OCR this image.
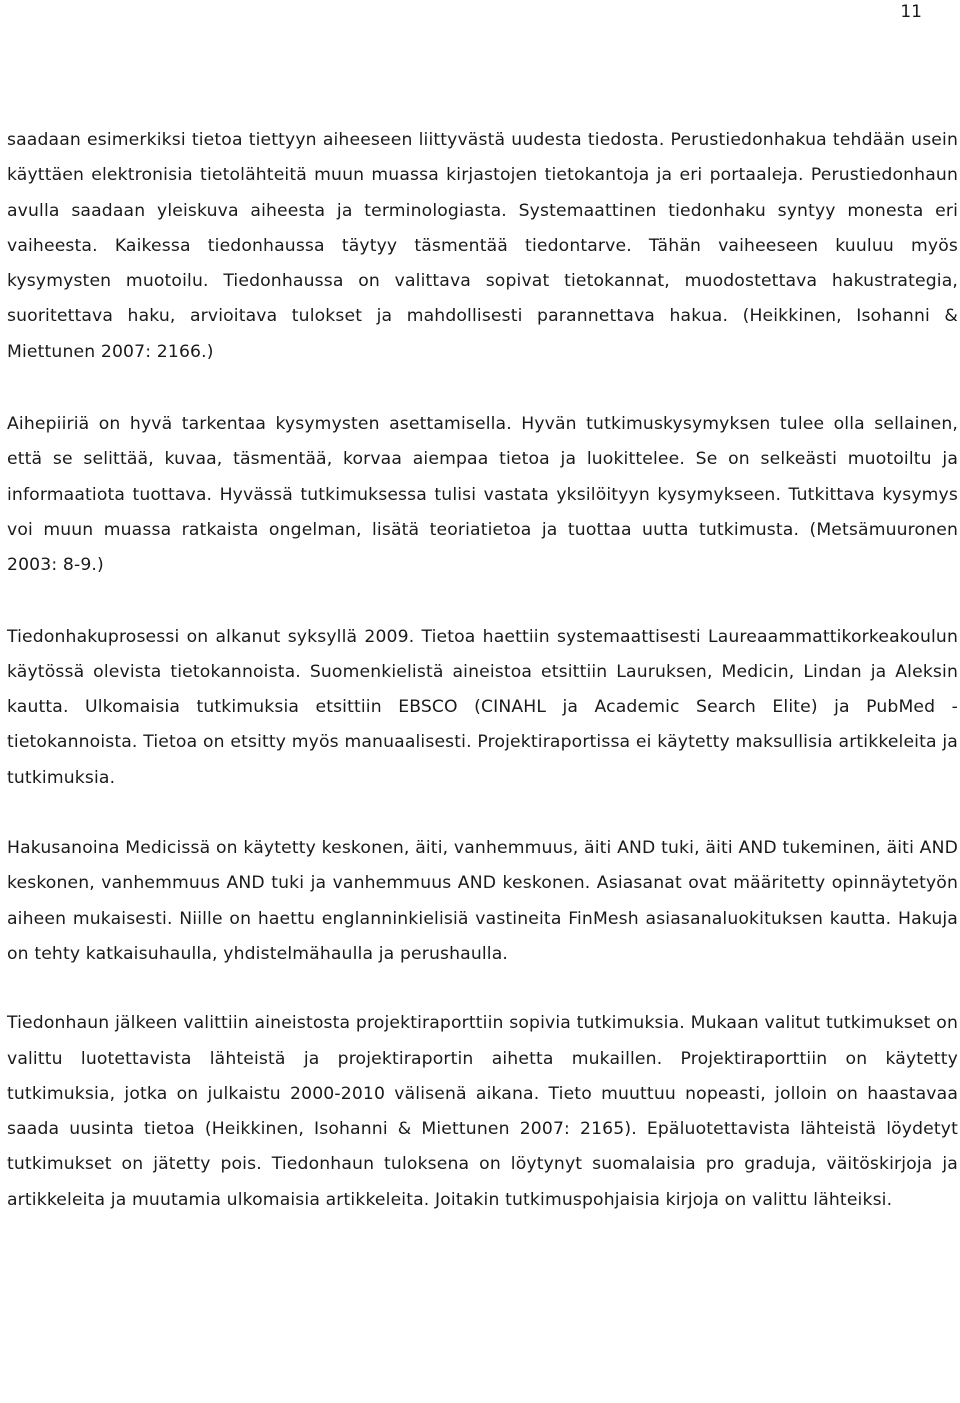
11

saadaan esimerkiksi tietoa tiettyyn aiheeseen liittyvästä uudesta tiedosta. Perustiedonhakua tehdään usein käyttäen elektronisia tietolähteitä muun muassa kirjastojen tietokantoja ja eri portaaleja. Perustiedonhaun avulla saadaan yleiskuva aiheesta ja terminologiasta. Systemaattinen tiedonhaku syntyy monesta eri vaiheesta. Kaikessa tiedonhaussa täytyy täsmentää tiedontarve. Tähän vaiheeseen kuuluu myös kysymysten muotoilu. Tiedonhaussa on valittava sopivat tietokannat, muodostettava hakustrategia, suoritettava haku, arvioitava tulokset ja mahdollisesti parannettava hakua. (Heikkinen, Isohanni & Miettunen 2007: 2166.)

Aihepiiriä on hyvä tarkentaa kysymysten asettamisella. Hyvän tutkimuskysymyksen tulee olla sellainen, että se selittää, kuvaa, täsmentää, korvaa aiempaa tietoa ja luokittelee. Se on selkeästi muotoiltu ja informaatiota tuottava. Hyvässä tutkimuksessa tulisi vastata yksilöityyn kysymykseen. Tutkittava kysymys voi muun muassa ratkaista ongelman, lisätä teoriatietoa ja tuottaa uutta tutkimusta. (Metsämuuronen 2003: 8-9.)

Tiedonhakuprosessi on alkanut syksyllä 2009. Tietoa haettiin systemaattisesti Laureaammattikorkeakoulun käytössä olevista tietokannoista. Suomenkielistä aineistoa etsittiin Lauruksen, Medicin, Lindan ja Aleksin kautta. Ulkomaisia tutkimuksia etsittiin EBSCO (CINAHL ja Academic Search Elite) ja PubMed -tietokannoista. Tietoa on etsitty myös manuaalisesti. Projektiraportissa ei käytetty maksullisia artikkeleita ja tutkimuksia.

Hakusanoina Medicissä on käytetty keskonen, äiti, vanhemmuus, äiti AND tuki, äiti AND tukeminen, äiti AND keskonen, vanhemmuus AND tuki ja vanhemmuus AND keskonen. Asiasanat ovat määritetty opinnäytetyön aiheen mukaisesti. Niille on haettu englanninkielisiä vastineita FinMesh asiasanaluokituksen kautta. Hakuja on tehty katkaisuhaulla, yhdistelmähaulla ja perushaulla.

Tiedonhaun jälkeen valittiin aineistosta projektiraporttiin sopivia tutkimuksia. Mukaan valitut tutkimukset on valittu luotettavista lähteistä ja projektiraportin aihetta mukaillen. Projektiraporttiin on käytetty tutkimuksia, jotka on julkaistu 2000-2010 välisenä aikana. Tieto muuttuu nopeasti, jolloin on haastavaa saada uusinta tietoa (Heikkinen, Isohanni & Miettunen 2007: 2165). Epäluotettavista lähteistä löydetyt tutkimukset on jätetty pois. Tiedonhaun tuloksena on löytynyt suomalaisia pro graduja, väitöskirjoja ja artikkeleita ja muutamia ulkomaisia artikkeleita. Joitakin tutkimuspohjaisia kirjoja on valittu lähteiksi.
